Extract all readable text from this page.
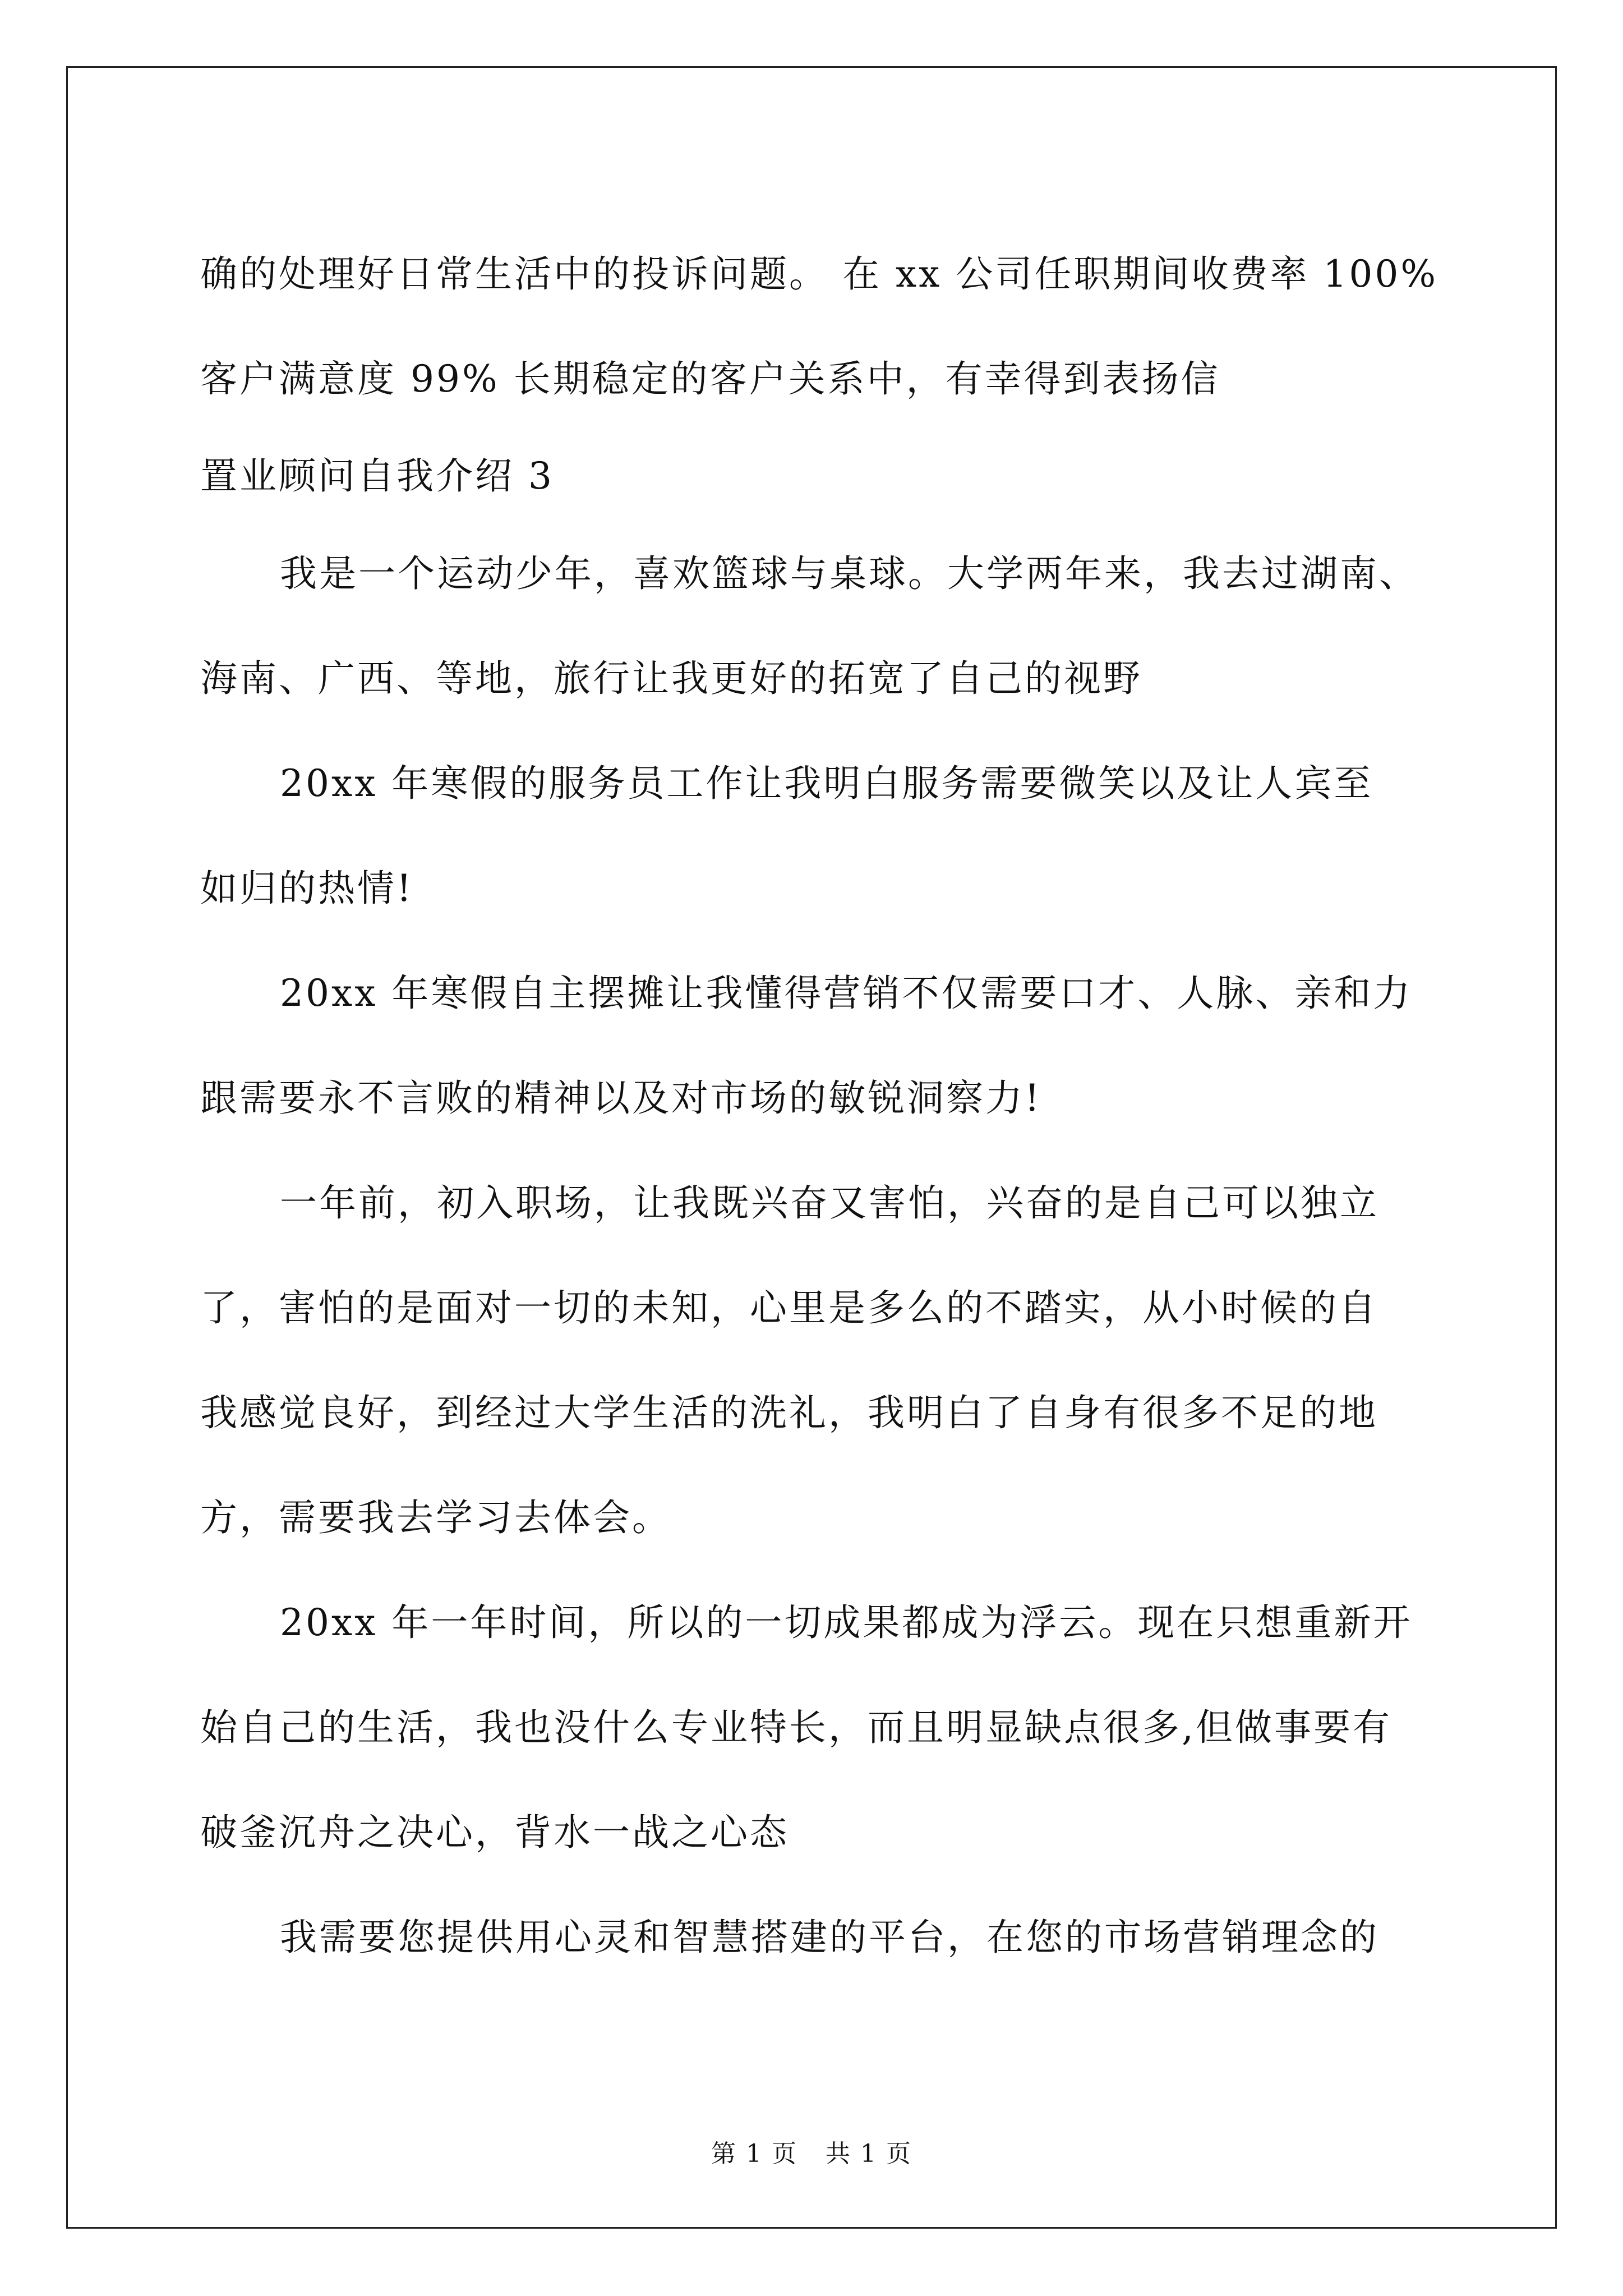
确的处理好日常生活中的投诉问题。 在 xx 公司任职期间收费率 100%
客户满意度 99% 长期稳定的客户关系中，有幸得到表扬信
置业顾问自我介绍 3
我是一个运动少年，喜欢篮球与桌球。大学两年来，我去过湖南、
海南、广西、等地，旅行让我更好的拓宽了自己的视野
20xx 年寒假的服务员工作让我明白服务需要微笑以及让人宾至
如归的热情!
20xx 年寒假自主摆摊让我懂得营销不仅需要口才、人脉、亲和力
跟需要永不言败的精神以及对市场的敏锐洞察力!
一年前，初入职场，让我既兴奋又害怕，兴奋的是自己可以独立
了，害怕的是面对一切的未知，心里是多么的不踏实，从小时候的自
我感觉良好，到经过大学生活的洗礼，我明白了自身有很多不足的地
方，需要我去学习去体会。
20xx 年一年时间，所以的一切成果都成为浮云。现在只想重新开
始自己的生活，我也没什么专业特长，而且明显缺点很多,但做事要有
破釜沉舟之决心，背水一战之心态
我需要您提供用心灵和智慧搭建的平台，在您的市场营销理念的
第 1 页 共 1 页
